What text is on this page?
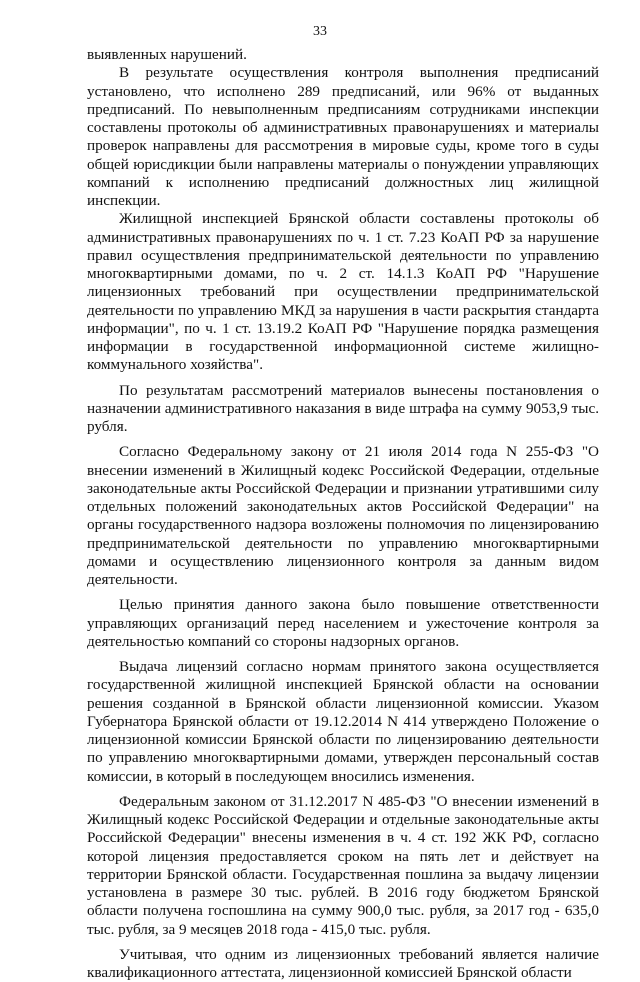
33

выявленных нарушений.

В результате осуществления контроля выполнения предписаний установлено, что исполнено 289 предписаний, или 96% от выданных предписаний. По невыполненным предписаниям сотрудниками инспекции составлены протоколы об административных правонарушениях и материалы проверок направлены для рассмотрения в мировые суды, кроме того в суды общей юрисдикции были направлены материалы о понуждении управляющих компаний к исполнению предписаний должностных лиц жилищной инспекции.

Жилищной инспекцией Брянской области составлены протоколы об административных правонарушениях по ч. 1 ст. 7.23 КоАП РФ за нарушение правил осуществления предпринимательской деятельности по управлению многоквартирными домами, по ч. 2 ст. 14.1.3 КоАП РФ "Нарушение лицензионных требований при осуществлении предпринимательской деятельности по управлению МКД за нарушения в части раскрытия стандарта информации", по ч. 1 ст. 13.19.2 КоАП РФ "Нарушение порядка размещения информации в государственной информационной системе жилищно-коммунального хозяйства".

По результатам рассмотрений материалов вынесены постановления о назначении административного наказания в виде штрафа на сумму 9053,9 тыс. рубля.

Согласно Федеральному закону от 21 июля 2014 года N 255-ФЗ "О внесении изменений в Жилищный кодекс Российской Федерации, отдельные законодательные акты Российской Федерации и признании утратившими силу отдельных положений законодательных актов Российской Федерации" на органы государственного надзора возложены полномочия по лицензированию предпринимательской деятельности по управлению многоквартирными домами и осуществлению лицензионного контроля за данным видом деятельности.

Целью принятия данного закона было повышение ответственности управляющих организаций перед населением и ужесточение контроля за деятельностью компаний со стороны надзорных органов.

Выдача лицензий согласно нормам принятого закона осуществляется государственной жилищной инспекцией Брянской области на основании решения созданной в Брянской области лицензионной комиссии. Указом Губернатора Брянской области от 19.12.2014 N 414 утверждено Положение о лицензионной комиссии Брянской области по лицензированию деятельности по управлению многоквартирными домами, утвержден персональный состав комиссии, в который в последующем вносились изменения.

Федеральным законом от 31.12.2017 N 485-ФЗ "О внесении изменений в Жилищный кодекс Российской Федерации и отдельные законодательные акты Российской Федерации" внесены изменения в ч. 4 ст. 192 ЖК РФ, согласно которой лицензия предоставляется сроком на пять лет и действует на территории Брянской области. Государственная пошлина за выдачу лицензии установлена в размере 30 тыс. рублей. В 2016 году бюджетом Брянской области получена госпошлина на сумму 900,0 тыс. рубля, за 2017 год - 635,0 тыс. рубля, за 9 месяцев 2018 года - 415,0 тыс. рубля.

Учитывая, что одним из лицензионных требований является наличие квалификационного аттестата, лицензионной комиссией Брянской области
